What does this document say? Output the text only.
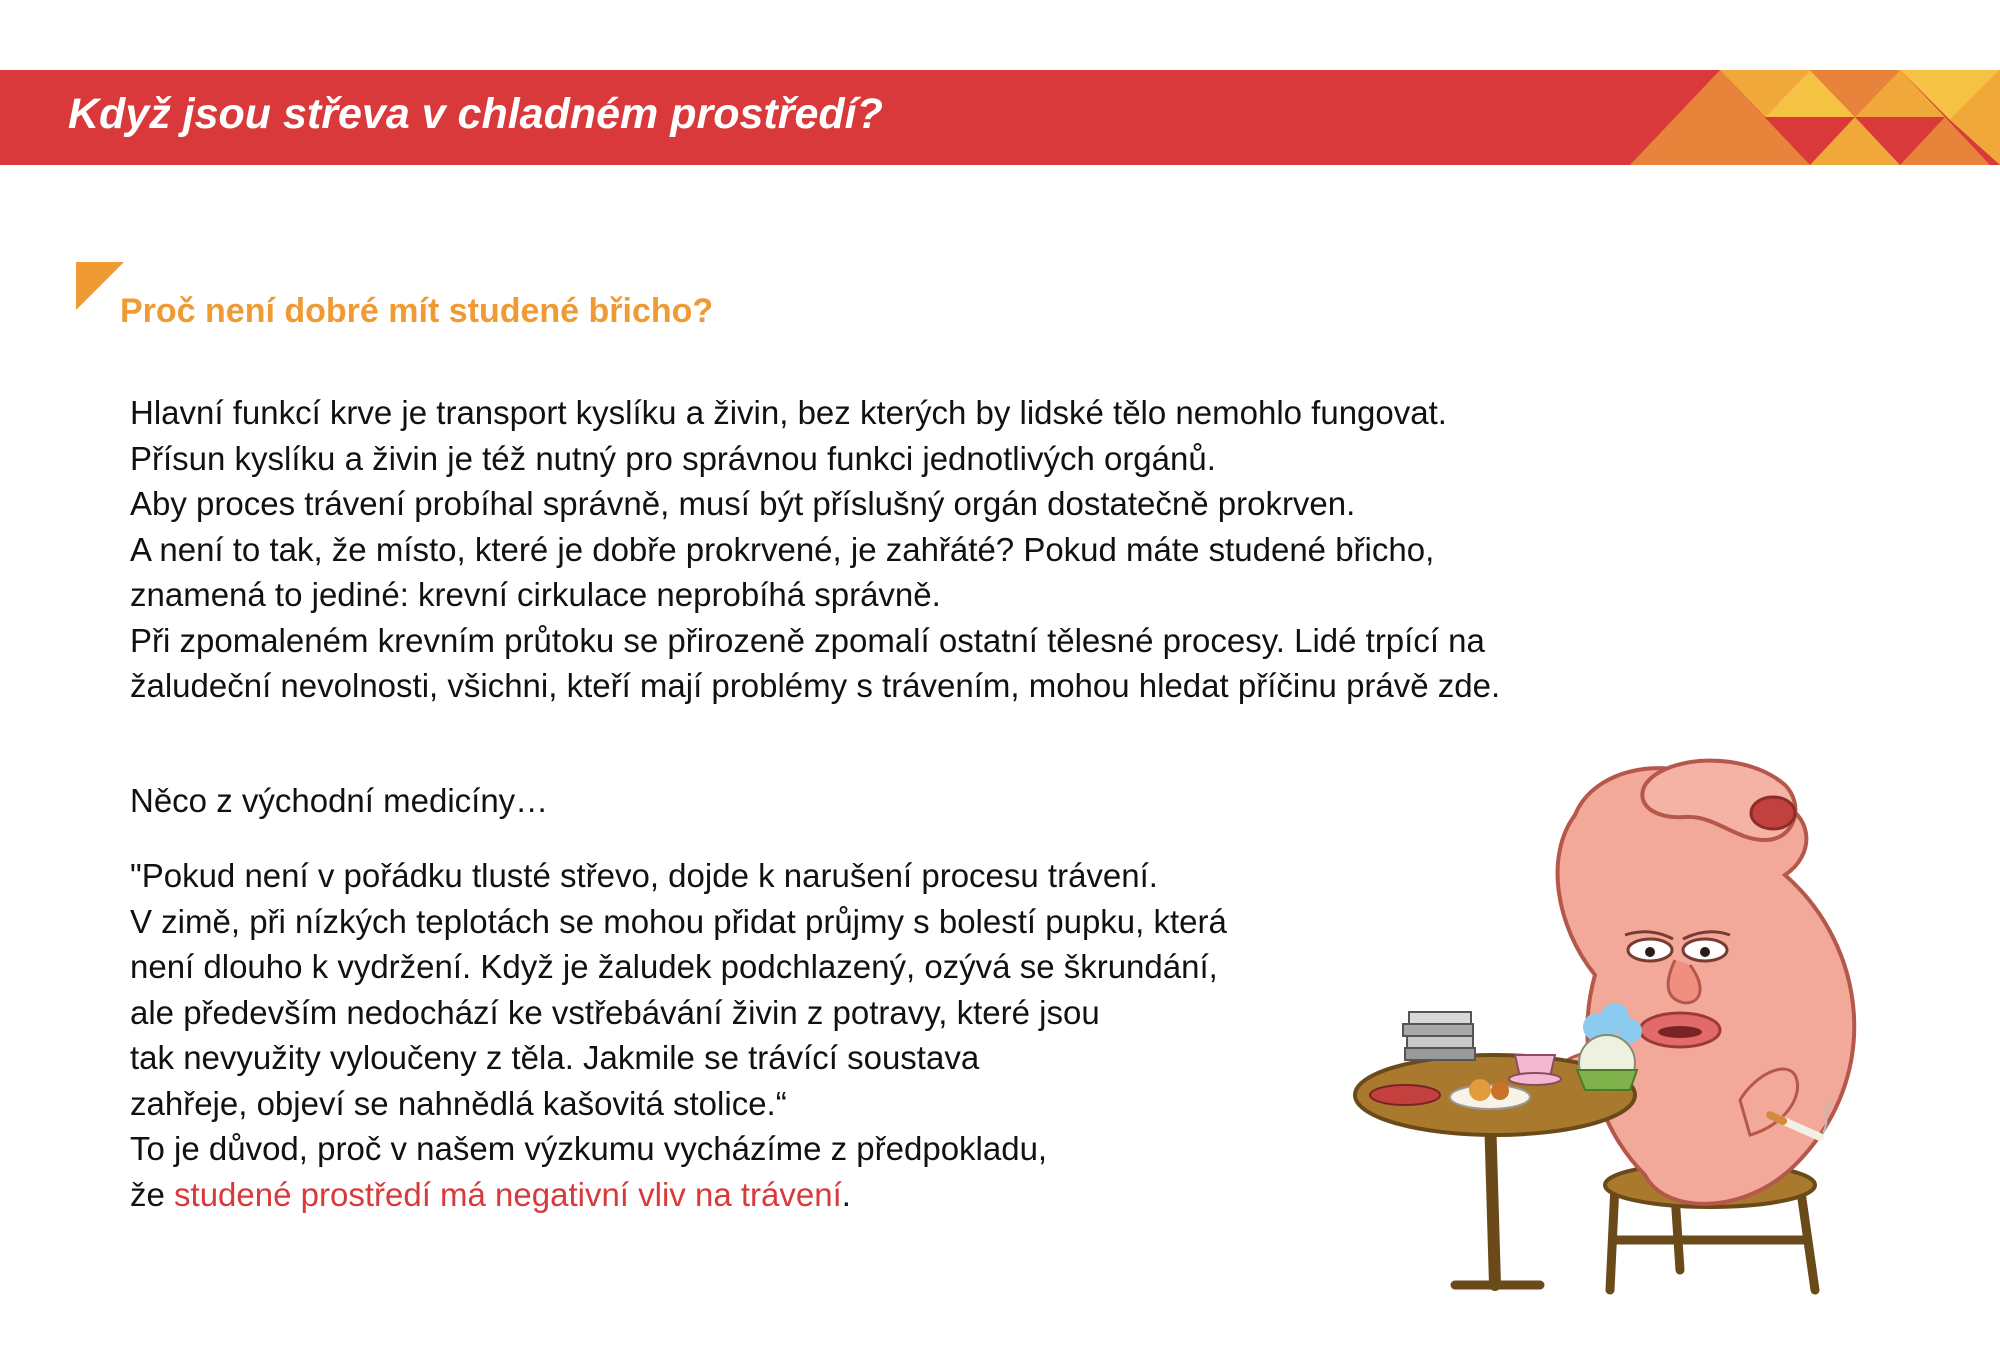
Když jsou střeva v chladném prostředí?
Proč není dobré mít studené břicho?

Hlavní funkcí krve je transport kyslíku a živin, bez kterých by lidské tělo nemohlo fungovat.
Přísun kyslíku a živin je též nutný pro správnou funkci jednotlivých orgánů.
Aby proces trávení probíhal správně, musí být příslušný orgán dostatečně prokrven.
A není to tak, že místo, které je dobře prokrvené, je zahřáté? Pokud máte studené břicho,
znamená to jediné: krevní cirkulace neprobíhá správně.
Při zpomaleném krevním průtoku se přirozeně zpomalí ostatní tělesné procesy. Lidé trpící na
žaludeční nevolnosti, všichni, kteří mají problémy s trávením, mohou hledat příčinu právě zde.

Něco z východní medicíny…

"Pokud není v pořádku tlusté střevo, dojde k narušení procesu trávení.
V zimě, při nízkých teplotách se mohou přidat průjmy s bolestí pupku, která
není dlouho k vydržení. Když je žaludek podchlazený, ozývá se škrundání,
ale především nedochází ke vstřebávání živin z potravy, které jsou
tak nevyužity vyloučeny z těla. Jakmile se trávící soustava
zahřeje, objeví se nahnědlá kašovitá stolice.“
To je důvod, proč v našem výzkumu vycházíme z předpokladu,
že studené prostředí má negativní vliv na trávení.
